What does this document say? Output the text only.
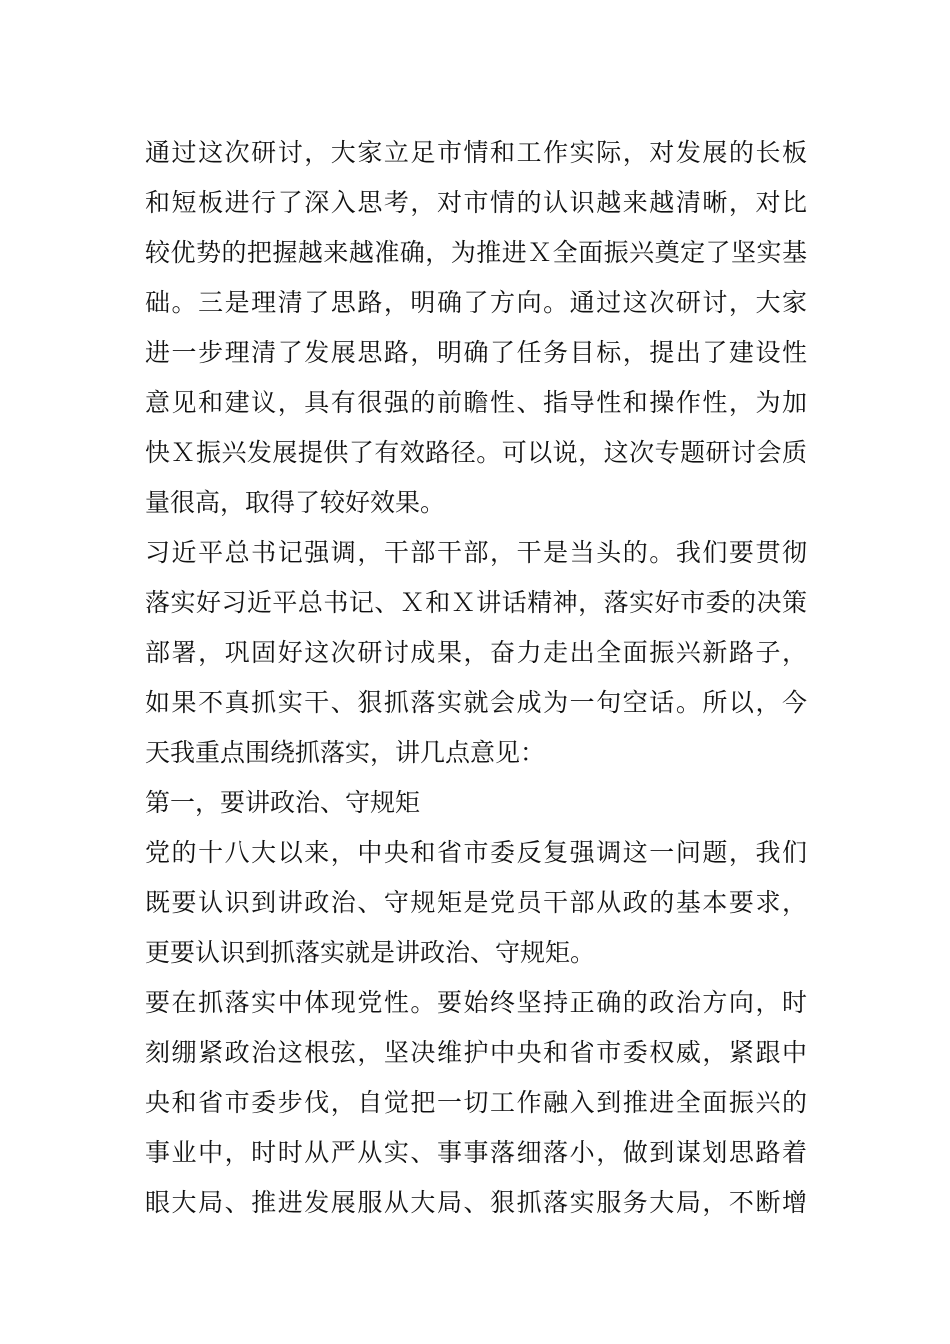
通过这次研讨，大家立足市情和工作实际，对发展的长板
和短板进行了深入思考，对市情的认识越来越清晰，对比
较优势的把握越来越准确，为推进Ｘ全面振兴奠定了坚实基
础。三是理清了思路，明确了方向。通过这次研讨，大家
进一步理清了发展思路，明确了任务目标，提出了建设性
意见和建议，具有很强的前瞻性、指导性和操作性，为加
快Ｘ振兴发展提供了有效路径。可以说，这次专题研讨会质
量很高，取得了较好效果。
习近平总书记强调，干部干部，干是当头的。我们要贯彻
落实好习近平总书记、Ｘ和Ｘ讲话精神，落实好市委的决策
部署，巩固好这次研讨成果，奋力走出全面振兴新路子，
如果不真抓实干、狠抓落实就会成为一句空话。所以，今
天我重点围绕抓落实，讲几点意见：
第一，要讲政治、守规矩
党的十八大以来，中央和省市委反复强调这一问题，我们
既要认识到讲政治、守规矩是党员干部从政的基本要求，
更要认识到抓落实就是讲政治、守规矩。
要在抓落实中体现党性。要始终坚持正确的政治方向，时
刻绷紧政治这根弦，坚决维护中央和省市委权威，紧跟中
央和省市委步伐，自觉把一切工作融入到推进全面振兴的
事业中，时时从严从实、事事落细落小，做到谋划思路着
眼大局、推进发展服从大局、狠抓落实服务大局，不断增
